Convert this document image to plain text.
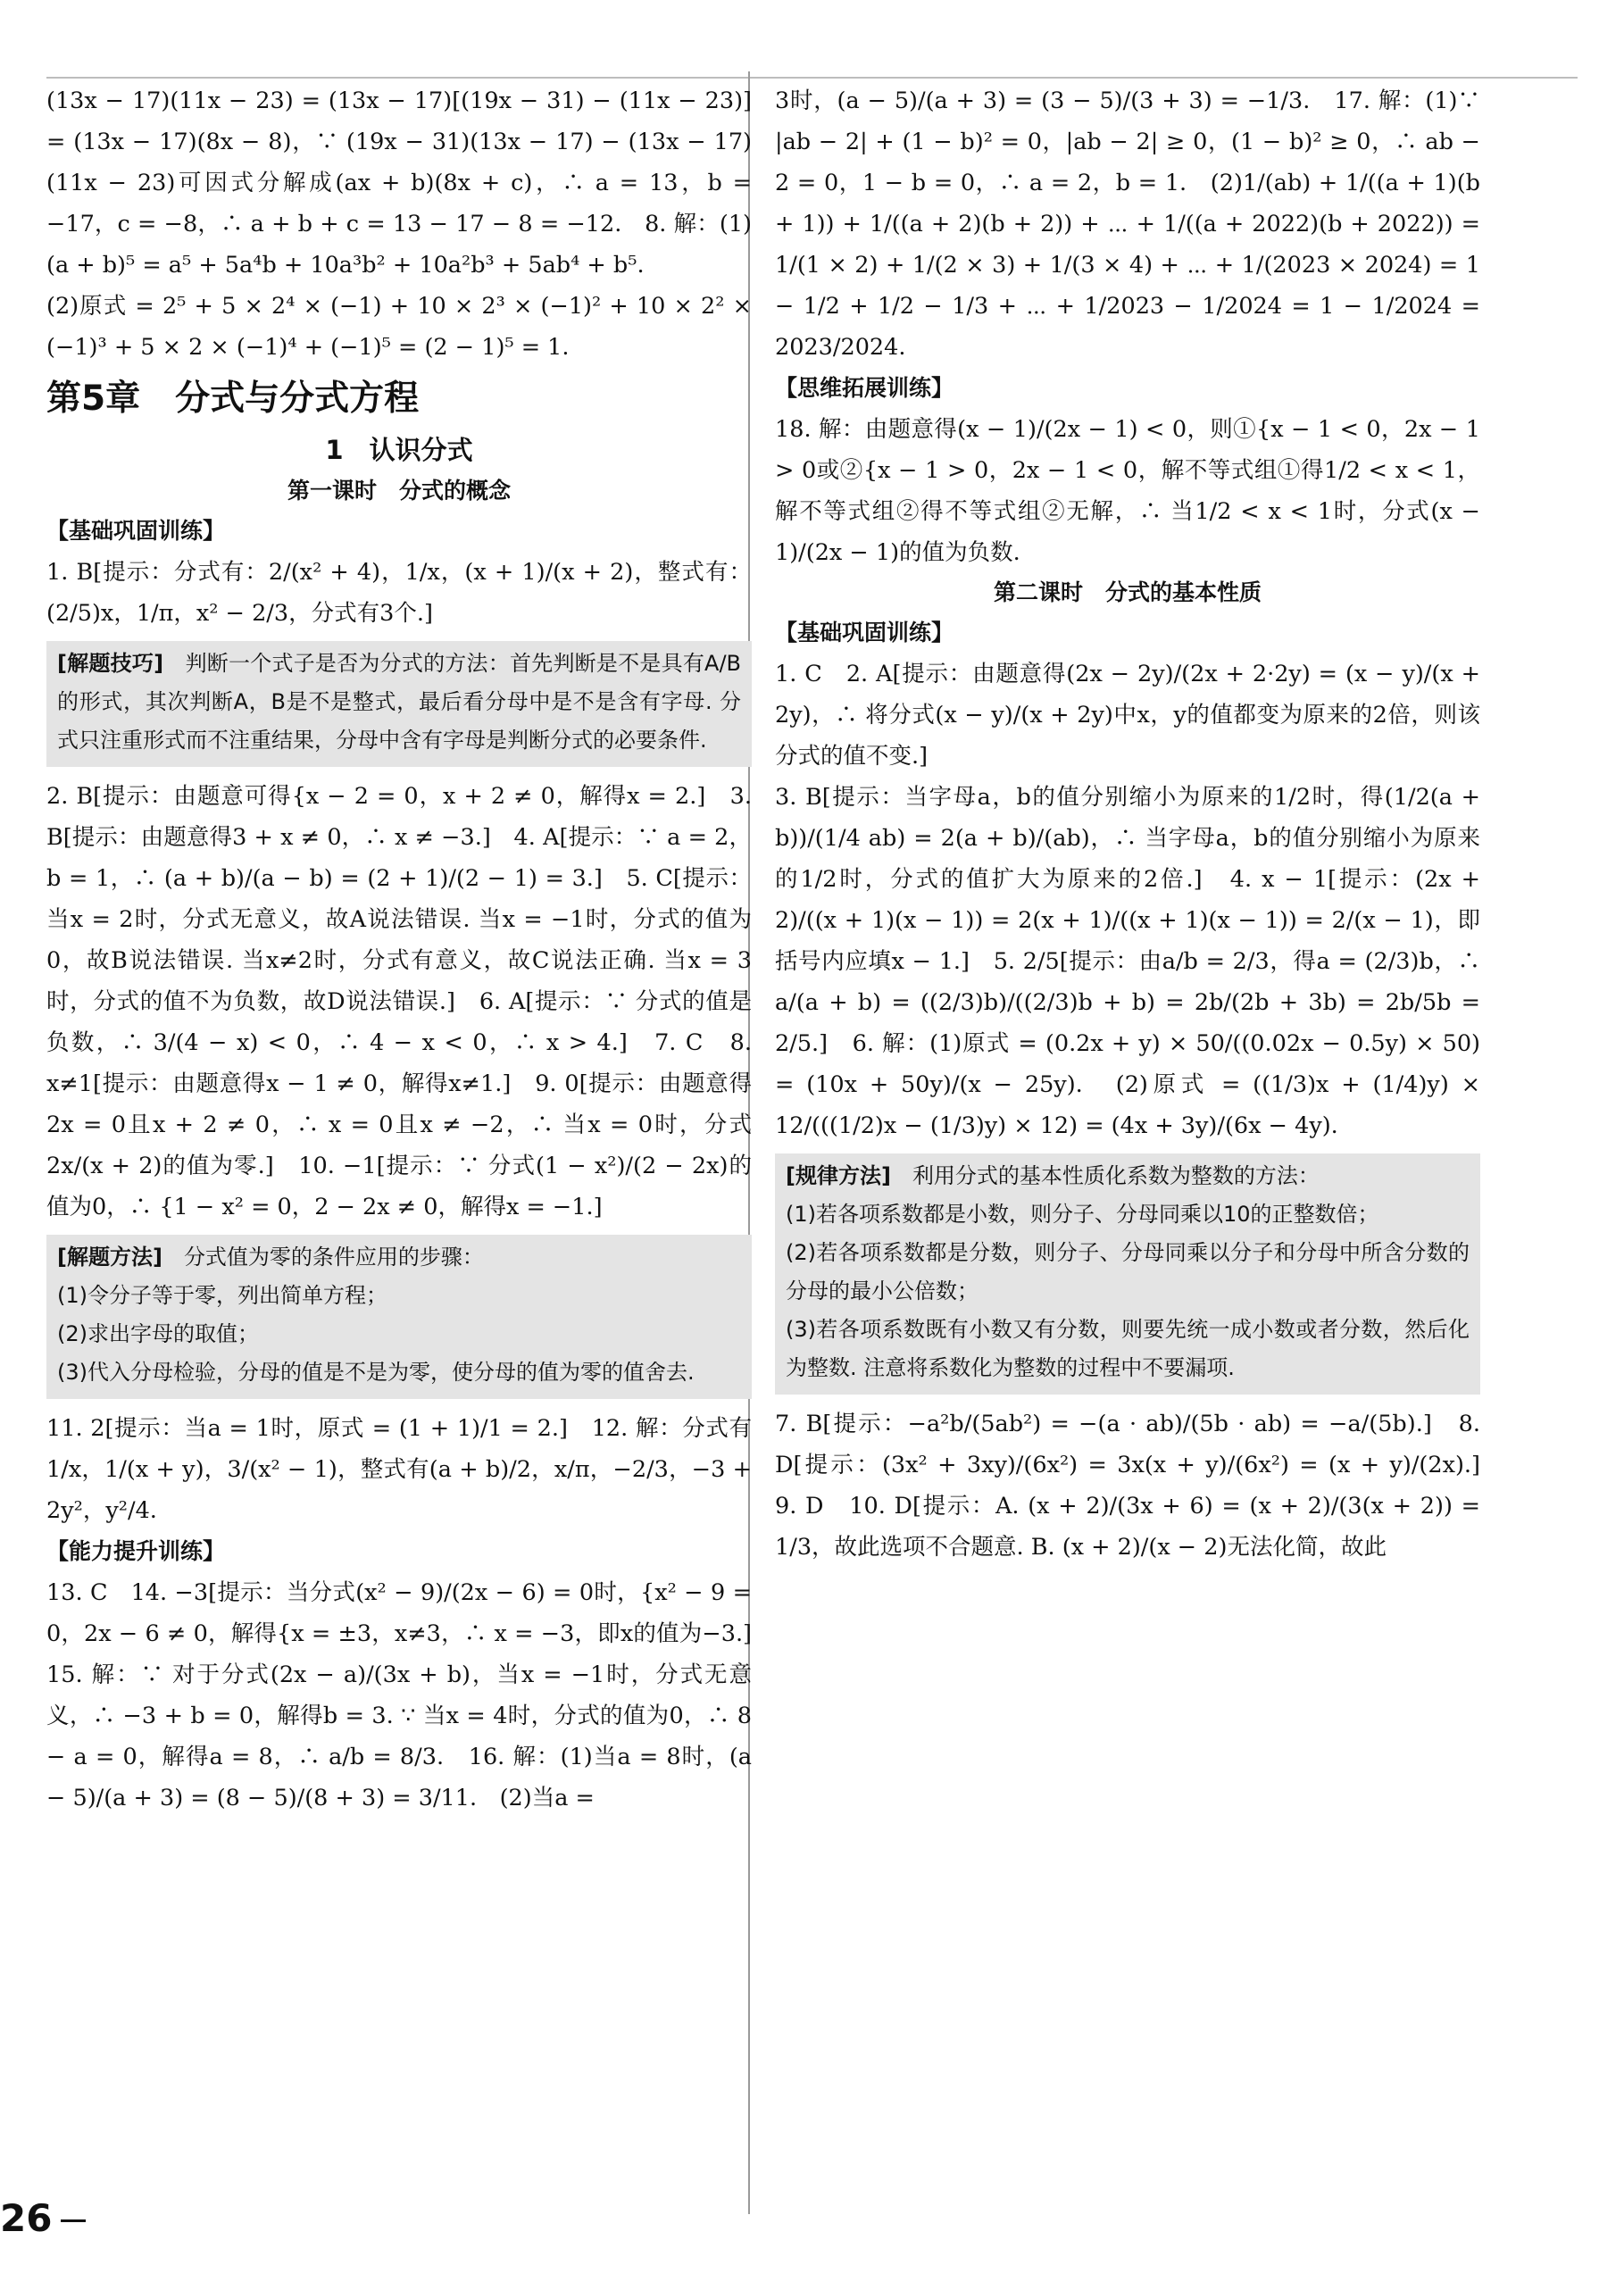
(13x − 17)(11x − 23) = (13x − 17)[(19x − 31) − (11x − 23)] = (13x − 17)(8x − 8)，∵ (19x − 31)(13x − 17) − (13x − 17)(11x − 23)可因式分解成(ax + b)(8x + c)，∴ a = 13，b = −17，c = −8，∴ a + b + c = 13 − 17 − 8 = −12.　8. 解：(1)(a + b)⁵ = a⁵ + 5a⁴b + 10a³b² + 10a²b³ + 5ab⁴ + b⁵.

(2)原式 = 2⁵ + 5 × 2⁴ × (−1) + 10 × 2³ × (−1)² + 10 × 2² × (−1)³ + 5 × 2 × (−1)⁴ + (−1)⁵ = (2 − 1)⁵ = 1.

第5章　分式与分式方程
1　认识分式
第一课时　分式的概念
【基础巩固训练】

1. B[提示：分式有：2/(x² + 4)，1/x，(x + 1)/(x + 2)，整式有：(2/5)x，1/π，x² − 2/3，分式有3个.]

[解题技巧]　 判断一个式子是否为分式的方法：首先判断是不是具有A/B的形式，其次判断A，B是不是整式，最后看分母中是不是含有字母. 分式只注重形式而不注重结果，分母中含有字母是判断分式的必要条件.

2. B[提示：由题意可得{x − 2 = 0，x + 2 ≠ 0，解得x = 2.]　3. B[提示：由题意得3 + x ≠ 0，∴ x ≠ −3.]　4. A[提示：∵ a = 2，b = 1，∴ (a + b)/(a − b) = (2 + 1)/(2 − 1) = 3.]　5. C[提示：当x = 2时，分式无意义，故A说法错误. 当x = −1时，分式的值为0，故B说法错误. 当x≠2时，分式有意义，故C说法正确. 当x = 3时，分式的值不为负数，故D说法错误.]　6. A[提示：∵ 分式的值是负数，∴ 3/(4 − x) < 0，∴ 4 − x < 0，∴ x > 4.]　7. C　8. x≠1[提示：由题意得x − 1 ≠ 0，解得x≠1.]　9. 0[提示：由题意得2x = 0且x + 2 ≠ 0，∴ x = 0且x ≠ −2，∴ 当x = 0时，分式2x/(x + 2)的值为零.]　10. −1[提示：∵ 分式(1 − x²)/(2 − 2x)的值为0，∴ {1 − x² = 0，2 − 2x ≠ 0，解得x = −1.]

[解题方法]　 分式值为零的条件应用的步骤：

(1)令分子等于零，列出简单方程；

(2)求出字母的取值；

(3)代入分母检验，分母的值是不是为零，使分母的值为零的值舍去.

11. 2[提示：当a = 1时，原式 = (1 + 1)/1 = 2.]　12. 解：分式有1/x，1/(x + y)，3/(x² − 1)，整式有(a + b)/2，x/π，−2/3，−3 + 2y²，y²/4.

【能力提升训练】

13. C　14. −3[提示：当分式(x² − 9)/(2x − 6) = 0时，{x² − 9 = 0，2x − 6 ≠ 0，解得{x = ±3，x≠3，∴ x = −3，即x的值为−3.]　15. 解：∵ 对于分式(2x − a)/(3x + b)，当x = −1时，分式无意义，∴ −3 + b = 0，解得b = 3. ∵ 当x = 4时，分式的值为0，∴ 8 − a = 0，解得a = 8，∴ a/b = 8/3.　16. 解：(1)当a = 8时，(a − 5)/(a + 3) = (8 − 5)/(8 + 3) = 3/11.　(2)当a =

3时，(a − 5)/(a + 3) = (3 − 5)/(3 + 3) = −1/3.　17. 解：(1)∵ |ab − 2| + (1 − b)² = 0，|ab − 2| ≥ 0，(1 − b)² ≥ 0，∴ ab − 2 = 0，1 − b = 0，∴ a = 2，b = 1.　(2)1/(ab) + 1/((a + 1)(b + 1)) + 1/((a + 2)(b + 2)) + ⋯ + 1/((a + 2022)(b + 2022)) = 1/(1 × 2) + 1/(2 × 3) + 1/(3 × 4) + ⋯ + 1/(2023 × 2024) = 1 − 1/2 + 1/2 − 1/3 + ⋯ + 1/2023 − 1/2024 = 1 − 1/2024 = 2023/2024.

【思维拓展训练】

18. 解：由题意得(x − 1)/(2x − 1) < 0，则①{x − 1 < 0，2x − 1 > 0或②{x − 1 > 0，2x − 1 < 0，解不等式组①得1/2 < x < 1，解不等式组②得不等式组②无解，∴ 当1/2 < x < 1时，分式(x − 1)/(2x − 1)的值为负数.

第二课时　分式的基本性质
【基础巩固训练】

1. C　2. A[提示：由题意得(2x − 2y)/(2x + 2·2y) = (x − y)/(x + 2y)，∴ 将分式(x − y)/(x + 2y)中x，y的值都变为原来的2倍，则该分式的值不变.]

3. B[提示：当字母a，b的值分别缩小为原来的1/2时，得(1/2(a + b))/(1/4 ab) = 2(a + b)/(ab)，∴ 当字母a，b的值分别缩小为原来的1/2时，分式的值扩大为原来的2倍.]　4. x − 1[提示：(2x + 2)/((x + 1)(x − 1)) = 2(x + 1)/((x + 1)(x − 1)) = 2/(x − 1)，即括号内应填x − 1.]　5. 2/5[提示：由a/b = 2/3，得a = (2/3)b，∴ a/(a + b) = ((2/3)b)/((2/3)b + b) = 2b/(2b + 3b) = 2b/5b = 2/5.]　6. 解：(1)原式 = (0.2x + y) × 50/((0.02x − 0.5y) × 50) = (10x + 50y)/(x − 25y).　(2)原式 = ((1/3)x + (1/4)y) × 12/(((1/2)x − (1/3)y) × 12) = (4x + 3y)/(6x − 4y).

[规律方法]　 利用分式的基本性质化系数为整数的方法：

(1)若各项系数都是小数，则分子、分母同乘以10的正整数倍；

(2)若各项系数都是分数，则分子、分母同乘以分子和分母中所含分数的分母的最小公倍数；

(3)若各项系数既有小数又有分数，则要先统一成小数或者分数，然后化为整数. 注意将系数化为整数的过程中不要漏项.

7. B[提示：−a²b/(5ab²) = −(a · ab)/(5b · ab) = −a/(5b).]　8. D[提示：(3x² + 3xy)/(6x²) = 3x(x + y)/(6x²) = (x + y)/(2x).]　9. D　10. D[提示：A. (x + 2)/(3x + 6) = (x + 2)/(3(x + 2)) = 1/3，故此选项不合题意. B. (x + 2)/(x − 2)无法化简，故此

26
